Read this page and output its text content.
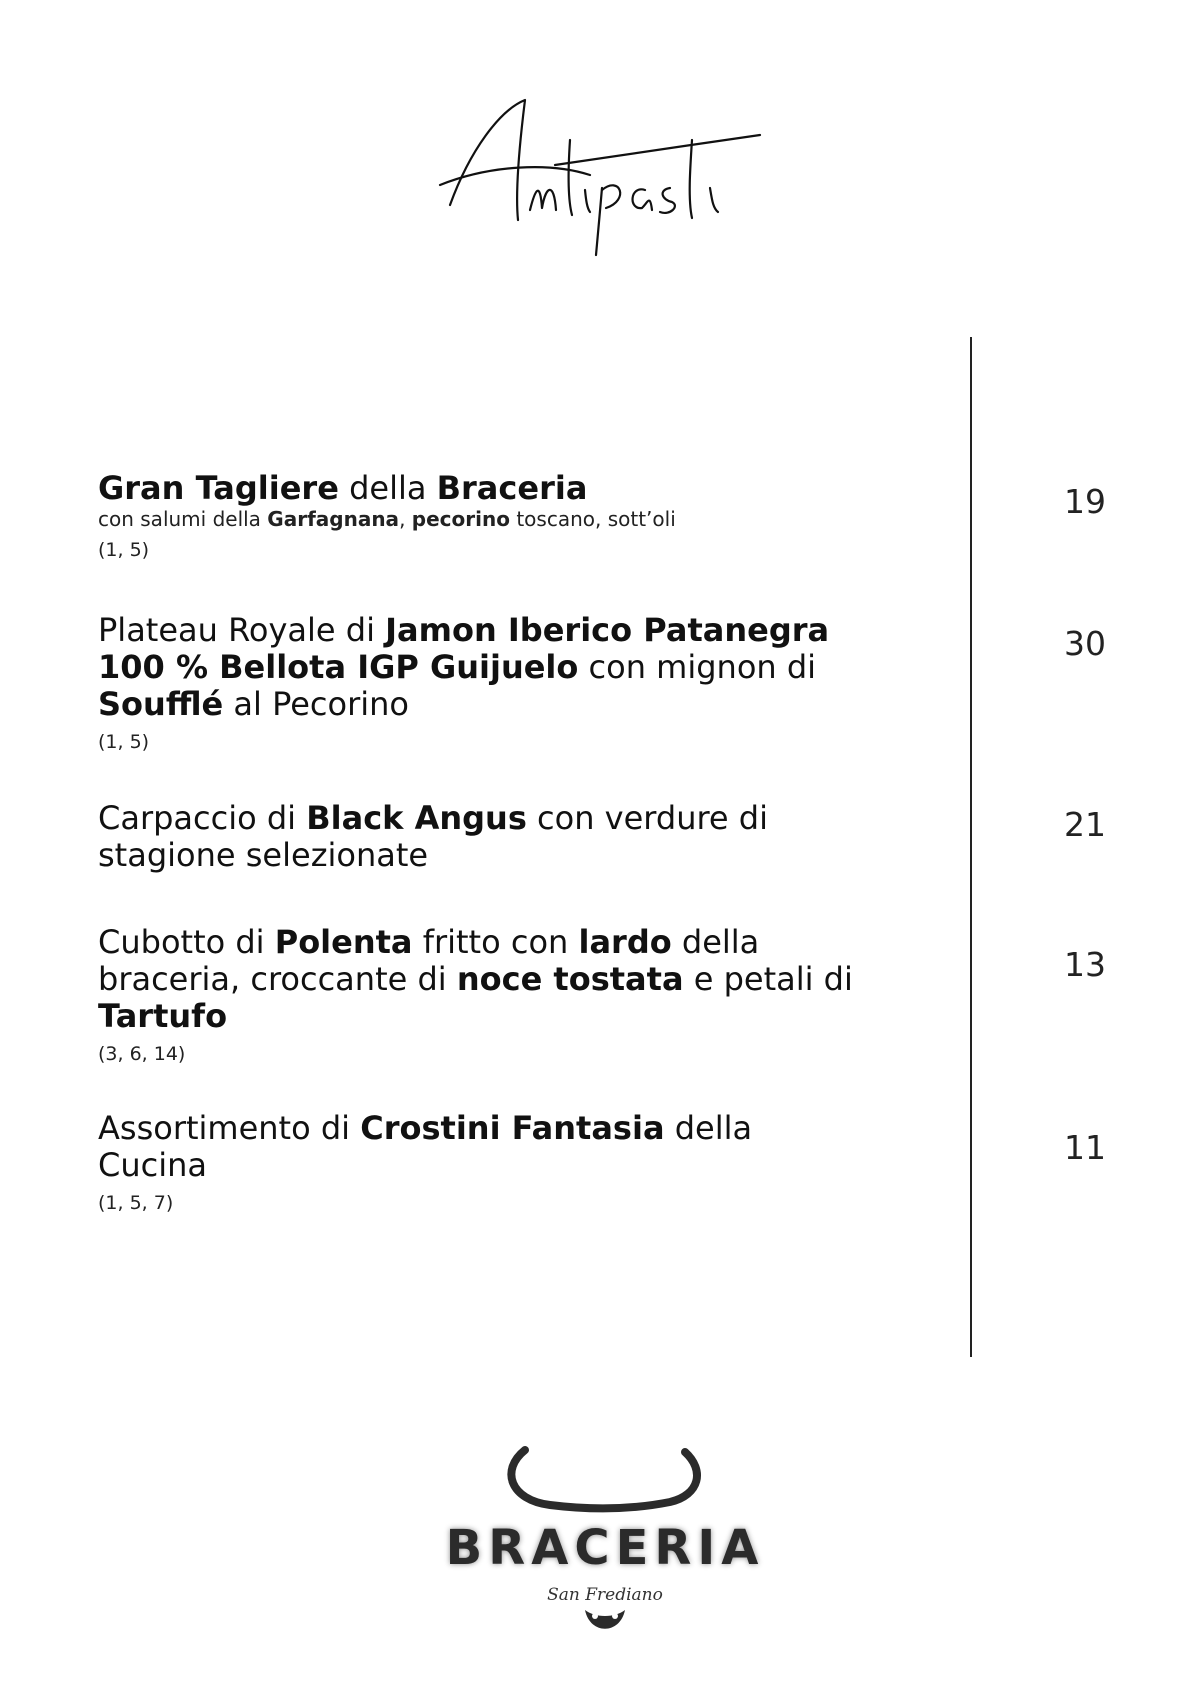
Gran Tagliere della Braceria

con salumi della Garfagnana, pecorino toscano, sott’oli

(1, 5)
19

Plateau Royale di Jamon Iberico Patanegra 100 % Bellota IGP Guijuelo con mignon di Soufflé al Pecorino

(1, 5)
30

Carpaccio di Black Angus con verdure di stagione selezionate

21

Cubotto di Polenta fritto con lardo della braceria, croccante di noce tostata e petali di Tartufo

(3, 6, 14)
13

Assortimento di Crostini Fantasia della Cucina

(1, 5, 7)
11
BRACERIA
San Frediano
